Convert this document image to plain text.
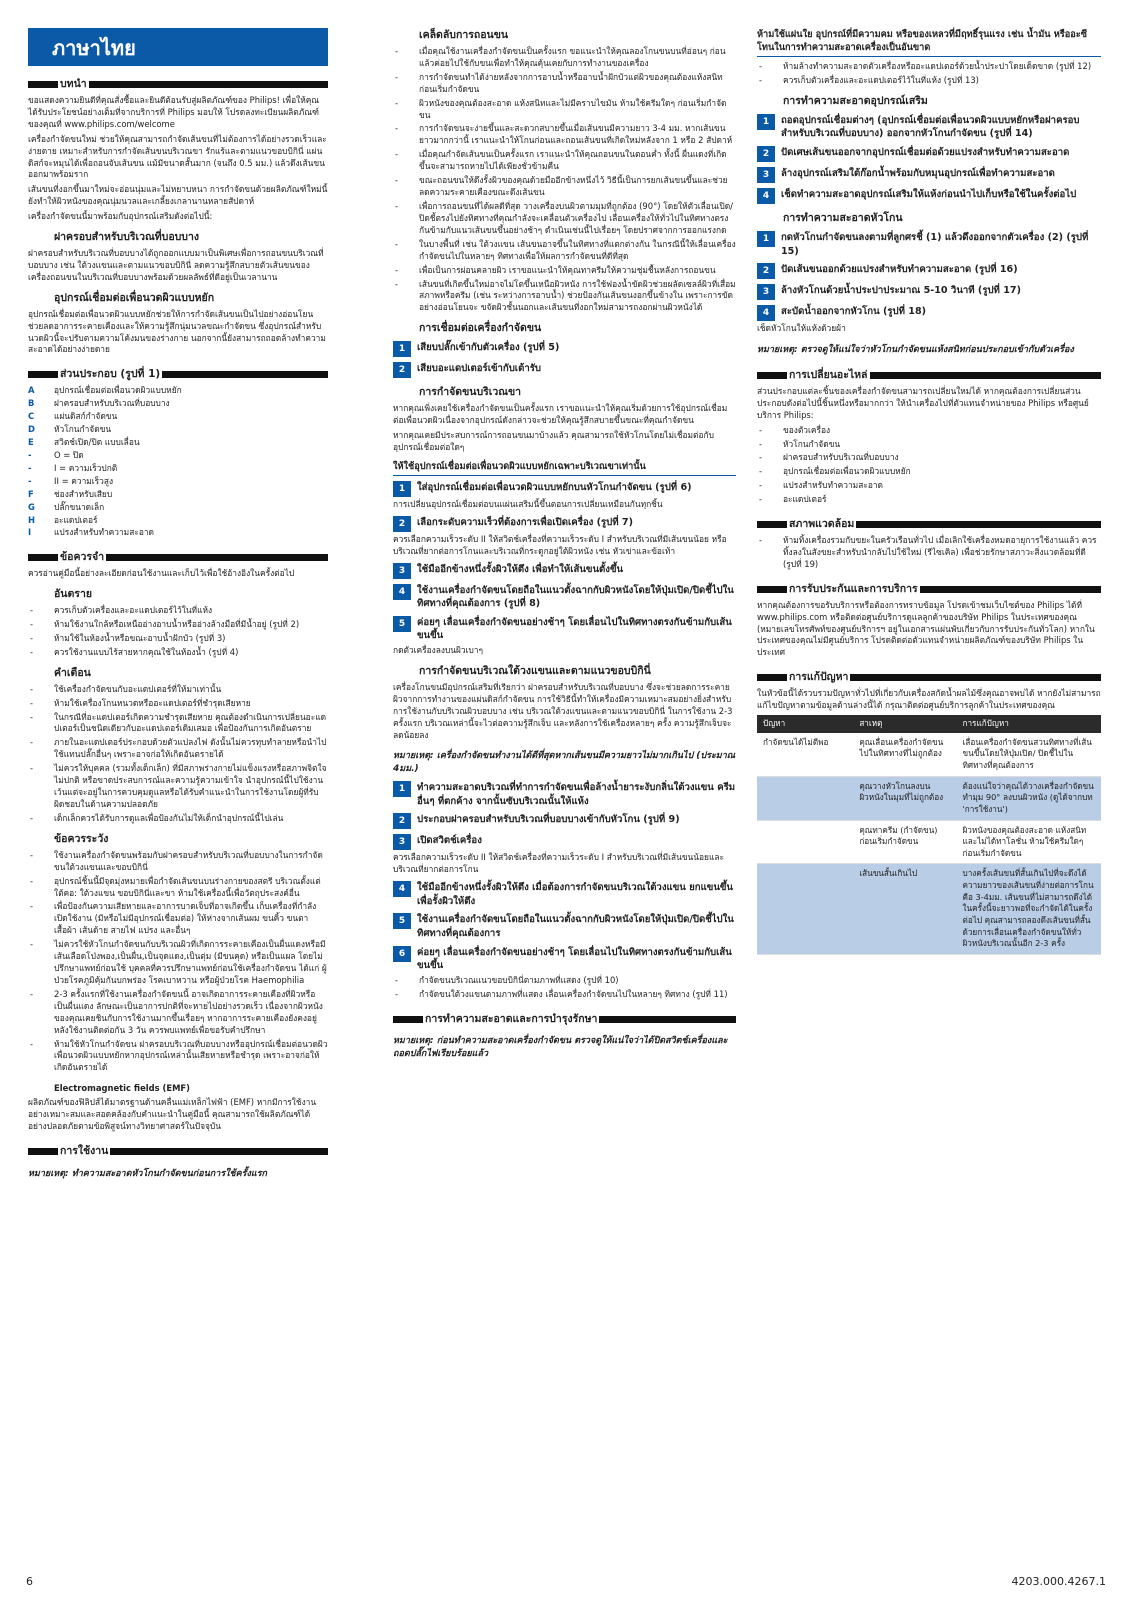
ภาษาไทย
บทนำ

ขอแสดงความยินดีที่คุณสั่งซื้อและยินดีต้อนรับสู่ผลิตภัณฑ์ของ Philips! เพื่อให้คุณได้รับประโยชน์อย่างเต็มที่จากบริการที่ Philips มอบให้ โปรดลงทะเบียนผลิตภัณฑ์ของคุณที่ www.philips.com/welcome

เครื่องกำจัดขนใหม่ ช่วยให้คุณสามารถกำจัดเส้นขนที่ไม่ต้องการได้อย่างรวดเร็วและง่ายดาย เหมาะสำหรับการกำจัดเส้นขนบริเวณขา รักแร้และตามแนวขอบบิกินี่ แผ่นดิสก์จะหมุนได้เพื่อถอนจับเส้นขน แม้มีขนาดสั้นมาก (จนถึง 0.5 มม.) แล้วดึงเส้นขนออกมาพร้อมราก

เส้นขนที่งอกขึ้นมาใหม่จะอ่อนนุ่มและไม่หยาบหนา การกำจัดขนด้วยผลิตภัณฑ์ใหม่นี้ ยังทำให้ผิวหนังของคุณนุ่มนวลและเกลี้ยงเกลานานหลายสัปดาห์

เครื่องกำจัดขนนี้มาพร้อมกับอุปกรณ์เสริมดังต่อไปนี้:

ฝาครอบสำหรับบริเวณที่บอบบาง

ฝาครอบสำหรับบริเวณที่บอบบางได้ถูกออกแบบมาเป็นพิเศษเพื่อการถอนขนบริเวณที่บอบบาง เช่น ใต้วงแขนและตามแนวขอบบิกินี่ ลดความรู้สึกสบายตัวเส้นขนของเครื่องถอนขนในบริเวณที่บอบบางพร้อมด้วยผลลัพธ์ที่ดีอยู่เป็นเวลานาน

อุปกรณ์เชื่อมต่อเพื่อนวดผิวแบบหยัก

อุปกรณ์เชื่อมต่อเพื่อนวดผิวแบบหยักช่วยให้การกำจัดเส้นขนเป็นไปอย่างอ่อนโยน ช่วยลดอาการระคายเคืองและให้ความรู้สึกนุ่มนวลขณะกำจัดขน ซึ่งอุปกรณ์สำหรับนวดผิวนี้จะปรับตามความโค้งมนของร่างกาย นอกจากนี้ยังสามารถถอดล้างทำความสะอาดได้อย่างง่ายดาย

ส่วนประกอบ (รูปที่ 1)
A	อุปกรณ์เชื่อมต่อเพื่อนวดผิวแบบหยัก
B	ฝาครอบสำหรับบริเวณที่บอบบาง
C	แผ่นดิสก์กำจัดขน
D	หัวโกนกำจัดขน
E	สวิตช์เปิด/ปิด แบบเลื่อน
-	O = ปิด
-	I = ความเร็วปกติ
-	II = ความเร็วสูง
F	ช่องสำหรับเสียบ
G	ปลั๊กขนาดเล็ก
H	อะแดปเตอร์
I	แปรงสำหรับทำความสะอาด
ข้อควรจำ

ควรอ่านคู่มือนี้อย่างละเอียดก่อนใช้งานและเก็บไว้เพื่อใช้อ้างอิงในครั้งต่อไป

อันตราย
- ควรเก็บตัวเครื่องและอะแดปเตอร์ไว้ในที่แห้ง
- ห้ามใช้งานใกล้หรือเหนืออ่างอาบน้ำหรืออ่างล้างมือที่มีน้ำอยู่ (รูปที่ 2)
- ห้ามใช้ในห้องน้ำหรือขณะอาบน้ำฝักบัว (รูปที่ 3)
- ควรใช้งานแบบไร้สายหากคุณใช้ในห้องน้ำ (รูปที่ 4)
คำเตือน
- ใช้เครื่องกำจัดขนกับอะแดปเตอร์ที่ให้มาเท่านั้น
- ห้ามใช้เครื่องโกนหนวดหรืออะแดปเตอร์ที่ชำรุดเสียหาย
- ในกรณีที่อะแดปเตอร์เกิดความชำรุดเสียหาย คุณต้องดำเนินการเปลี่ยนอะแดปเตอร์เป็นชนิดเดียวกับอะแดปเตอร์เดิมเสมอ เพื่อป้องกันการเกิดอันตราย
- ภายในอะแดปเตอร์ประกอบด้วยตัวแปลงไฟ ดังนั้นไม่ควรทุบทำลายหรือนำไปใช้แทนปลั๊กอื่นๆ เพราะอาจก่อให้เกิดอันตรายได้
- ไม่ควรให้บุคคล (รวมทั้งเด็กเล็ก) ที่มีสภาพร่างกายไม่แข็งแรงหรือสภาพจิตใจไม่ปกติ หรือขาดประสบการณ์และความรู้ความเข้าใจ นำอุปกรณ์นี้ไปใช้งาน เว้นแต่จะอยู่ในการควบคุมดูแลหรือได้รับคำแนะนำในการใช้งานโดยผู้ที่รับผิดชอบในด้านความปลอดภัย
- เด็กเล็กควรได้รับการดูแลเพื่อป้องกันไม่ให้เด็กนำอุปกรณ์นี้ไปเล่น
ข้อควรระวัง
- ใช้งานเครื่องกำจัดขนพร้อมกับฝาครอบสำหรับบริเวณที่บอบบางในการกำจัดขนใต้วงแขนและขอบบิกินี่
- อุปกรณ์ชิ้นนี้มีจุดมุ่งหมายเพื่อกำจัดเส้นขนบนร่างกายของสตรี บริเวณตั้งแต่ใต้คอ: ใต้วงแขน ขอบบิกินี่และขา ห้ามใช้เครื่องนี้เพื่อวัตถุประสงค์อื่น
- เพื่อป้องกันความเสียหายและอาการบาดเจ็บที่อาจเกิดขึ้น เก็บเครื่องที่กำลังเปิดใช้งาน (มีหรือไม่มีอุปกรณ์เชื่อมต่อ) ให้ห่างจากเส้นผม ขนคิ้ว ขนตา เสื้อผ้า เส้นด้าย สายไฟ แปรง และอื่นๆ
- ไม่ควรใช้หัวโกนกำจัดขนกับบริเวณผิวที่เกิดการระคายเคืองเป็นผื่นแดงหรือมีเส้นเลือดโป่งพอง,เป็นผื่น,เป็นจุดแดง,เป็นตุ่ม (มีขนคุด) หรือเป็นแผล โดยไม่ปรึกษาแพทย์ก่อนใช้ บุคคลที่ควรปรึกษาแพทย์ก่อนใช้เครื่องกำจัดขน ได้แก่ ผู้ป่วยโรคภูมิคุ้มกันบกพร่อง โรคเบาหวาน หรือผู้ป่วยโรค Haemophilia
- 2-3 ครั้งแรกที่ใช้งานเครื่องกำจัดขนนี้ อาจเกิดอาการระคายเคืองที่ผิวหรือเป็นผื่นแดง ลักษณะเป็นอาการปกติที่จะหายไปอย่างรวดเร็ว เนื่องจากผิวหนังของคุณเคยชินกับการใช้งานมากขึ้นเรื่อยๆ หากอาการระคายเคืองยังคงอยู่หลังใช้งานติดต่อกัน 3 วัน ควรพบแพทย์เพื่อขอรับคำปรึกษา
- ห้ามใช้หัวโกนกำจัดขน ฝาครอบบริเวณที่บอบบางหรืออุปกรณ์เชื่อมต่อนวดผิวเพื่อนวดผิวแบบหยักหากอุปกรณ์เหล่านั้นเสียหายหรือชำรุด เพราะอาจก่อให้เกิดอันตรายได้
Electromagnetic fields (EMF)

ผลิตภัณฑ์ของฟิลิปส์ได้มาตรฐานด้านคลื่นแม่เหล็กไฟฟ้า (EMF) หากมีการใช้งานอย่างเหมาะสมและสอดคล้องกับคำแนะนำในคู่มือนี้ คุณสามารถใช้ผลิตภัณฑ์ได้อย่างปลอดภัยตามข้อพิสูจน์ทางวิทยาศาสตร์ในปัจจุบัน

การใช้งาน

หมายเหตุ: ทำความสะอาดหัวโกนกำจัดขนก่อนการใช้ครั้งแรก

เคล็ดลับการถอนขน
- เมื่อคุณใช้งานเครื่องกำจัดขนเป็นครั้งแรก ขอแนะนำให้คุณลองโกนขนบนที่อ่อนๆ ก่อนแล้วค่อยไปใช้กับขนเพื่อทำให้คุณคุ้นเคยกับการทำงานของเครื่อง
- การกำจัดขนทำได้ง่ายหลังจากการอาบน้ำหรืออาบน้ำฝักบัวแต่ผิวของคุณต้องแห้งสนิทก่อนเริ่มกำจัดขน
- ผิวหนังของคุณต้องสะอาด แห้งสนิทและไม่มีคราบไขมัน ห้ามใช้ครีมใดๆ ก่อนเริ่มกำจัดขน
- การกำจัดขนจะง่ายขึ้นและสะดวกสบายขึ้นเมื่อเส้นขนมีความยาว 3-4 มม. หากเส้นขนยาวมากกว่านี้ เราแนะนำให้โกนก่อนและถอนเส้นขนที่เกิดใหม่หลังจาก 1 หรือ 2 สัปดาห์
- เมื่อคุณกำจัดเส้นขนเป็นครั้งแรก เราแนะนำให้คุณถอนขนในตอนค่ำ ทั้งนี้ ผื่นแดงที่เกิดขึ้นจะสามารถหายไปได้เพียงชั่วข้ามคืน
- ขณะถอนขนให้ดึงรั้งผิวของคุณด้วยมืออีกข้างหนึ่งไว้ วิธีนี้เป็นการยกเส้นขนขึ้นและช่วยลดความระคายเคืองขณะดึงเส้นขน
- เพื่อการถอนขนที่ได้ผลดีที่สุด วางเครื่องบนผิวตามมุมที่ถูกต้อง (90°) โดยให้ตัวเลื่อนเปิด/ปิดชี้ตรงไปยังทิศทางที่คุณกำลังจะเคลื่อนตัวเครื่องไป เลื่อนเครื่องให้ทั่วไปในทิศทางตรงกันข้ามกับแนวเส้นขนขึ้นอย่างช้าๆ ดำเนินเช่นนี้ไปเรื่อยๆ โดยปราศจากการออกแรงกด
- ในบางพื้นที่ เช่น ใต้วงแขน เส้นขนอาจขึ้นในทิศทางที่แตกต่างกัน ในกรณีนี้ให้เลื่อนเครื่องกำจัดขนไปในหลายๆ ทิศทางเพื่อให้ผลการกำจัดขนที่ดีที่สุด
- เพื่อเป็นการผ่อนคลายผิว เราขอแนะนำให้คุณทาครีมให้ความชุ่มชื้นหลังการถอนขน
- เส้นขนที่เกิดขึ้นใหม่อาจไม่โตขึ้นเหนือผิวหนัง การใช้ฟองน้ำขัดผิวช่วยผลัดเซลล์ผิวที่เสื่อมสภาพหรือครีม (เช่น ระหว่างการอาบน้ำ) ช่วยป้องกันเส้นขนงอกขึ้นข้างใน เพราะการขัดอย่างอ่อนโยนจะ ขจัดผิวชั้นนอกและเส้นขนที่งอกใหม่สามารถงอกผ่านผิวหนังได้
การเชื่อมต่อเครื่องกำจัดขน
1	เสียบปลั๊กเข้ากับตัวเครื่อง (รูปที่ 5)
2	เสียบอะแดปเตอร์เข้ากับเต้ารับ
การกำจัดขนบริเวณขา

หากคุณเพิ่งเคยใช้เครื่องกำจัดขนเป็นครั้งแรก เราขอแนะนำให้คุณเริ่มด้วยการใช้อุปกรณ์เชื่อมต่อเพื่อนวดผิวเนื่องจากอุปกรณ์ดังกล่าวจะช่วยให้คุณรู้สึกสบายขึ้นขณะที่คุณกำจัดขน

หากคุณเคยมีประสบการณ์การถอนขนมาบ้างแล้ว คุณสามารถใช้หัวโกนโดยไม่เชื่อมต่อกับอุปกรณ์เชื่อมต่อใดๆ

ให้ใช้อุปกรณ์เชื่อมต่อเพื่อนวดผิวแบบหยักเฉพาะบริเวณขาเท่านั้น
1	ใส่อุปกรณ์เชื่อมต่อเพื่อนวดผิวแบบหยักบนหัวโกนกำจัดขน (รูปที่ 6)

การเปลี่ยนอุปกรณ์เชื่อมต่อบนแผ่นเสริมนี้ขึ้นตอนการเปลี่ยนเหมือนกันทุกชิ้น

2	เลือกระดับความเร็วที่ต้องการเพื่อเปิดเครื่อง (รูปที่ 7)

ควรเลือกความเร็วระดับ II ให้สวิตช์เครื่องที่ความเร็วระดับ I สำหรับบริเวณที่มีเส้นขนน้อย หรือบริเวณที่ยากต่อการโกนและบริเวณที่กระดูกอยู่ใต้ผิวหนัง เช่น หัวเข่าและข้อเท้า

3	ใช้มืออีกข้างหนึ่งรั้งผิวให้ตึง เพื่อทำให้เส้นขนตั้งขึ้น
4	ใช้งานเครื่องกำจัดขนโดยถือในแนวตั้งฉากกับผิวหนังโดยให้ปุ่มเปิด/ปิดชี้ไปในทิศทางที่คุณต้องการ (รูปที่ 8)
5	ค่อยๆ เลื่อนเครื่องกำจัดขนอย่างช้าๆ โดยเลื่อนไปในทิศทางตรงกันข้ามกับเส้นขนขึ้น

กดตัวเครื่องลงบนผิวเบาๆ

การกำจัดขนบริเวณใต้วงแขนและตามแนวขอบบิกินี่

เครื่องโกนขนมีอุปกรณ์เสริมที่เรียกว่า ฝาครอบสำหรับบริเวณที่บอบบาง ซึ่งจะช่วยลดการระคายผิวจากการทำงานของแผ่นดิสก์กำจัดขน การใช้วิธีนี้ทำให้เครื่องมีความเหมาะสมอย่างยิ่งสำหรับการใช้งานกับบริเวณผิวบอบบาง เช่น บริเวณใต้วงแขนและตามแนวขอบบิกินี่ ในการใช้งาน 2-3 ครั้งแรก บริเวณเหล่านี้จะไวต่อความรู้สึกเจ็บ และหลังการใช้เครื่องหลายๆ ครั้ง ความรู้สึกเจ็บจะลดน้อยลง

หมายเหตุ: เครื่องกำจัดขนทำงานได้ดีที่สุดหากเส้นขนมีความยาวไม่มากเกินไป (ประมาณ 4มม.)

1	ทำความสะอาดบริเวณที่ทำการกำจัดขนเพื่อล้างน้ำยาระงับกลิ่นใต้วงแขน ครีม อื่นๆ ที่ตกค้าง จากนั้นซับบริเวณนั้นให้แห้ง
2	ประกอบฝาครอบสำหรับบริเวณที่บอบบางเข้ากับหัวโกน (รูปที่ 9)
3	เปิดสวิตช์เครื่อง

ควรเลือกความเร็วระดับ II ให้สวิตช์เครื่องที่ความเร็วระดับ I สำหรับบริเวณที่มีเส้นขนน้อยและบริเวณที่ยากต่อการโกน

4	ใช้มืออีกข้างหนึ่งรั้งผิวให้ตึง เมื่อต้องการกำจัดขนบริเวณใต้วงแขน ยกแขนขึ้นเพื่อรั้งผิวให้ตึง
5	ใช้งานเครื่องกำจัดขนโดยถือในแนวตั้งฉากกับผิวหนังโดยให้ปุ่มเปิด/ปิดชี้ไปในทิศทางที่คุณต้องการ
6	ค่อยๆ เลื่อนเครื่องกำจัดขนอย่างช้าๆ โดยเลื่อนไปในทิศทางตรงกันข้ามกับเส้นขนขึ้น
- กำจัดขนบริเวณแนวขอบบิกินี่ตามภาพที่แสดง (รูปที่ 10)
- กำจัดขนใต้วงแขนตามภาพที่แสดง เลื่อนเครื่องกำจัดขนไปในหลายๆ ทิศทาง (รูปที่ 11)
การทำความสะอาดและการบำรุงรักษา

หมายเหตุ: ก่อนทำความสะอาดเครื่องกำจัดขน ตรวจดูให้แน่ใจว่าได้ปิดสวิตช์เครื่องและถอดปลั๊กไฟเรียบร้อยแล้ว

ห้ามใช้แผ่นใย อุปกรณ์ที่มีความคม หรือของเหลวที่มีฤทธิ์รุนแรง เช่น น้ำมัน หรืออะซีโทนในการทำความสะอาดเครื่องเป็นอันขาด
- ห้ามล้างทำความสะอาดตัวเครื่องหรืออะแดปเตอร์ด้วยน้ำประปาโดยเด็ดขาด (รูปที่ 12)
- ควรเก็บตัวเครื่องและอะแดปเตอร์ไว้ในที่แห้ง (รูปที่ 13)
การทำความสะอาดอุปกรณ์เสริม
1	ถอดอุปกรณ์เชื่อมต่างๆ (อุปกรณ์เชื่อมต่อเพื่อนวดผิวแบบหยักหรือฝาครอบสำหรับบริเวณที่บอบบาง) ออกจากหัวโกนกำจัดขน (รูปที่ 14)
2	ปัดเศษเส้นขนออกจากอุปกรณ์เชื่อมต่อด้วยแปรงสำหรับทำความสะอาด
3	ล้างอุปกรณ์เสริมใต้ก๊อกน้ำพร้อมกับหมุนอุปกรณ์เพื่อทำความสะอาด
4	เช็ดทำความสะอาดอุปกรณ์เสริมให้แห้งก่อนนำไปเก็บหรือใช้ในครั้งต่อไป
การทำความสะอาดหัวโกน
1	กดหัวโกนกำจัดขนลงตามที่ลูกศรชี้ (1) แล้วดึงออกจากตัวเครื่อง (2) (รูปที่ 15)
2	ปัดเส้นขนออกด้วยแปรงสำหรับทำความสะอาด (รูปที่ 16)
3	ล้างหัวโกนด้วยน้ำประปาประมาณ 5-10 วินาที (รูปที่ 17)
4	สะบัดน้ำออกจากหัวโกน (รูปที่ 18)

เช็ดหัวโกนให้แห้งด้วยผ้า

หมายเหตุ: ตรวจดูให้แน่ใจว่าหัวโกนกำจัดขนแห้งสนิทก่อนประกอบเข้ากับตัวเครื่อง

การเปลี่ยนอะไหล่

ส่วนประกอบแต่ละชิ้นของเครื่องกำจัดขนสามารถเปลี่ยนใหม่ได้ หากคุณต้องการเปลี่ยนส่วนประกอบดังต่อไปนี้ชิ้นหนึ่งหรือมากกว่า ให้นำเครื่องไปที่ตัวแทนจำหน่ายของ Philips หรือศูนย์บริการ Philips:

- ของตัวเครื่อง
- หัวโกนกำจัดขน
- ฝาครอบสำหรับบริเวณที่บอบบาง
- อุปกรณ์เชื่อมต่อเพื่อนวดผิวแบบหยัก
- แปรงสำหรับทำความสะอาด
- อะแดปเตอร์
สภาพแวดล้อม
- ห้ามทิ้งเครื่องรวมกับขยะในครัวเรือนทั่วไป เมื่อเลิกใช้เครื่องหมดอายุการใช้งานแล้ว ควรทิ้งลงในสังขยะสำหรับนำกลับไปใช้ใหม่ (รีไซเคิล) เพื่อช่วยรักษาสภาวะสิ่งแวดล้อมที่ดี (รูปที่ 19)
การรับประกันและการบริการ

หากคุณต้องการขอรับบริการหรือต้องการทราบข้อมูล โปรดเข้าชมเว็บไซต์ของ Philips ได้ที่ www.philips.com หรือติดต่อศูนย์บริการดูแลลูกค้าของบริษัท Philips ในประเทศของคุณ (หมายเลขโทรศัพท์ของศูนย์บริการฯ อยู่ในเอกสารแผ่นพับเกี่ยวกับการรับประกันทั่วโลก) หากในประเทศของคุณไม่มีศูนย์บริการ โปรดติดต่อตัวแทนจำหน่ายผลิตภัณฑ์ของบริษัท Philips ในประเทศ

การแก้ปัญหา

ในหัวข้อนี้ได้รวบรวมปัญหาทั่วไปที่เกี่ยวกับเครื่องสกัดน้ำผลไม้ซึ่งคุณอาจพบได้ หากยังไม่สามารถแก้ไขปัญหาตามข้อมูลด้านล่างนี้ได้ กรุณาติดต่อศูนย์บริการลูกค้าในประเทศของคุณ

ปัญหา	สาเหตุ	การแก้ปัญหา
กำจัดขนได้ไม่ดีพอ	คุณเลื่อนเครื่องกำจัดขนไปในทิศทางที่ไม่ถูกต้อง	เลื่อนเครื่องกำจัดขนสวนทิศทางที่เส้นขนขึ้นโดยให้ปุ่มเปิด/ ปิดชี้ไปในทิศทางที่คุณต้องการ
	คุณวางหัวโกนลงบนผิวหนังในมุมที่ไม่ถูกต้อง	ต้องแน่ใจว่าคุณได้วางเครื่องกำจัดขนทำมุม 90° ลงบนผิวหนัง (ดูได้จากบท 'การใช้งาน')
	คุณทาครีม (กำจัดขน) ก่อนเริ่มกำจัดขน	ผิวหนังของคุณต้องสะอาด แห้งสนิทและไม่ได้ทาโลชั่น ห้ามใช้ครีมใดๆ ก่อนเริ่มกำจัดขน
	เส้นขนสั้นเกินไป	บางครั้งเส้นขนที่สั้นเกินไปที่จะดึงได้ ความยาวของเส้นขนที่ง่ายต่อการโกนคือ 3-4มม. เส้นขนที่ไม่สามารถดึงได้ในครั้งนี้จะยาวพอที่จะกำจัดได้ในครั้งต่อไป คุณสามารถลองดึงเส้นขนที่สั้นด้วยการเลื่อนเครื่องกำจัดขนให้ทั่วผิวหนังบริเวณนั้นอีก 2-3 ครั้ง
6	4203.000.4267.1
